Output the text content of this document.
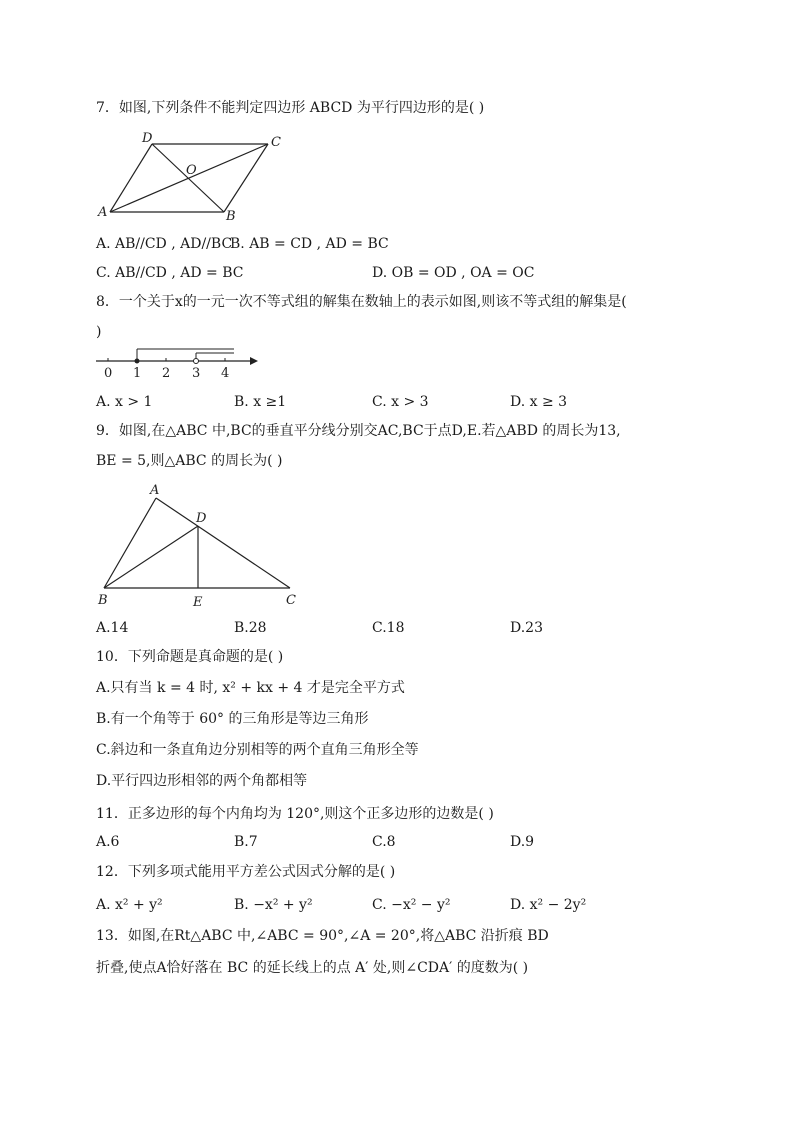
7．如图,下列条件不能判定四边形 ABCD 为平行四边形的是( )
D	C
O
A	B
A. AB//CD , AD//BC
B. AB = CD , AD = BC
C. AB//CD , AD = BC	D. OB = OD , OA = OC
8．一个关于x的一元一次不等式组的解集在数轴上的表示如图,则该不等式组的解集是(
)
0 1 2 3 4
A. x > 1	B. x ≥1	C. x > 3	D. x ≥ 3
9．如图,在△ABC 中,BC的垂直平分线分别交AC,BC于点D,E.若△ABD 的周长为13,
BE = 5,则△ABC 的周长为( )
A
D
B	E	C
A.14	B.28	C.18	D.23
10．下列命题是真命题的是( )
A.只有当 k = 4 时, x² + kx + 4 才是完全平方式
B.有一个角等于 60° 的三角形是等边三角形
C.斜边和一条直角边分别相等的两个直角三角形全等
D.平行四边形相邻的两个角都相等
11．正多边形的每个内角均为 120°,则这个正多边形的边数是( )
A.6	B.7	C.8	D.9
12．下列多项式能用平方差公式因式分解的是( )
A. x² + y²	B. −x² + y²	C. −x² − y²	D. x² − 2y²
13．如图,在Rt△ABC 中,∠ABC = 90°,∠A = 20°,将△ABC 沿折痕 BD
折叠,使点A恰好落在 BC 的延长线上的点 A′ 处,则∠CDA′ 的度数为( )
